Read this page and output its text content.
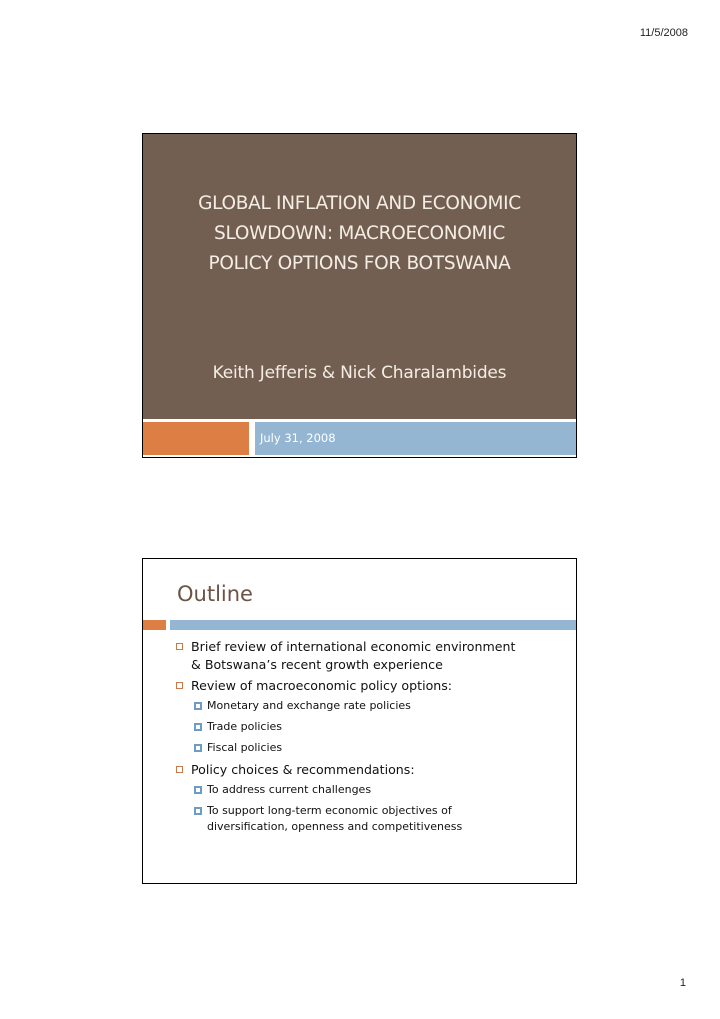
11/5/2008
GLOBAL INFLATION AND ECONOMIC
SLOWDOWN: MACROECONOMIC
POLICY OPTIONS FOR BOTSWANA
Keith Jefferis & Nick Charalambides
July 31, 2008
Outline
Brief review of international economic environment
& Botswana’s recent growth experience
Review of macroeconomic policy options:
Monetary and exchange rate policies
Trade policies
Fiscal policies
Policy choices & recommendations:
To address current challenges
To support long-term economic objectives of
diversification, openness and competitiveness
1
